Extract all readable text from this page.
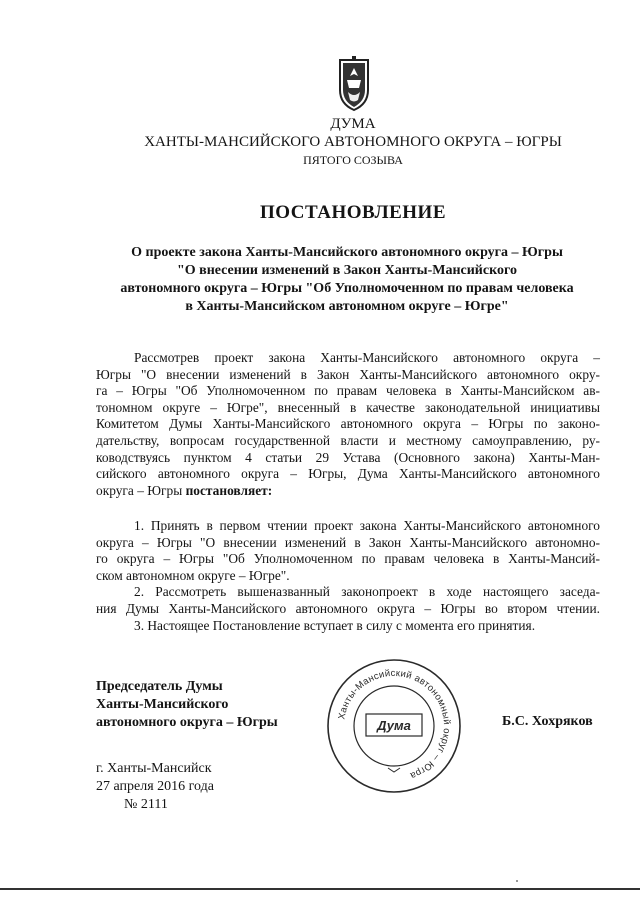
ДУМА
ХАНТЫ-МАНСИЙСКОГО АВТОНОМНОГО ОКРУГА – ЮГРЫ
ПЯТОГО СОЗЫВА
ПОСТАНОВЛЕНИЕ
О проекте закона Ханты-Мансийского автономного округа – Югры
"О внесении изменений в Закон Ханты-Мансийского
автономного округа – Югры "Об Уполномоченном по правам человека
в Ханты-Мансийском автономном округе – Югре"
Рассмотрев проект закона Ханты-Мансийского автономного округа –
Югры "О внесении изменений в Закон Ханты-Мансийского автономного окру-
га – Югры "Об Уполномоченном по правам человека в Ханты-Мансийском ав-
тономном округе – Югре", внесенный в качестве законодательной инициативы
Комитетом Думы Ханты-Мансийского автономного округа – Югры по законо-
дательству, вопросам государственной власти и местному самоуправлению, ру-
ководствуясь пунктом 4 статьи 29 Устава (Основного закона) Ханты-Ман-
сийского автономного округа – Югры, Дума Ханты-Мансийского автономного
округа – Югры постановляет:
1. Принять в первом чтении проект закона Ханты-Мансийского автономного
округа – Югры "О внесении изменений в Закон Ханты-Мансийского автономно-
го округа – Югры "Об Уполномоченном по правам человека в Ханты-Мансий-
ском автономном округе – Югре".
2. Рассмотреть вышеназванный законопроект в ходе настоящего заседа-
ния Думы Ханты-Мансийского автономного округа – Югры во втором чтении.
3. Настоящее Постановление вступает в силу с момента его принятия.
Председатель Думы
Ханты-Мансийского
автономного округа – Югры	Ханты-Мансийский автономный округ – Югра
Дума	Б.С. Хохряков
г. Ханты-Мансийск
27 апреля 2016 года
№ 2111
